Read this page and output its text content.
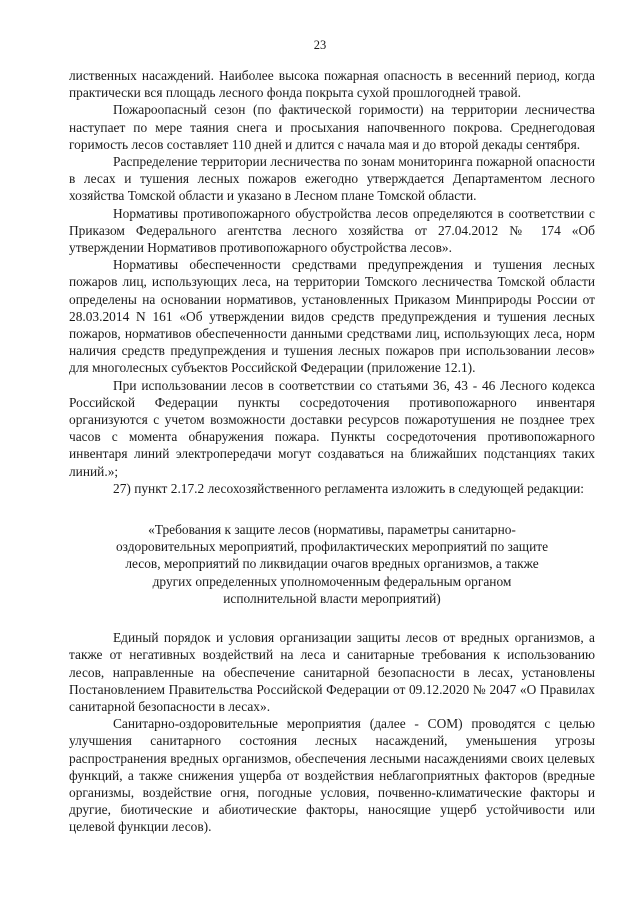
23

лиственных насаждений. Наиболее высока пожарная опасность в весенний период, когда практически вся площадь лесного фонда покрыта сухой прошлогодней травой.

Пожароопасный сезон (по фактической горимости) на территории лесничества наступает по мере таяния снега и просыхания напочвенного покрова. Среднегодовая горимость лесов составляет 110 дней и длится с начала мая и до второй декады сентября.

Распределение территории лесничества по зонам мониторинга пожарной опасности в лесах и тушения лесных пожаров ежегодно утверждается Департаментом лесного хозяйства Томской области и указано в Лесном плане Томской области.

Нормативы противопожарного обустройства лесов определяются в соответствии с Приказом Федерального агентства лесного хозяйства от 27.04.2012 № 174 «Об утверждении Нормативов противопожарного обустройства лесов».

Нормативы обеспеченности средствами предупреждения и тушения лесных пожаров лиц, использующих леса, на территории Томского лесничества Томской области определены на основании нормативов, установленных Приказом Минприроды России от 28.03.2014 N 161 «Об утверждении видов средств предупреждения и тушения лесных пожаров, нормативов обеспеченности данными средствами лиц, использующих леса, норм наличия средств предупреждения и тушения лесных пожаров при использовании лесов» для многолесных субъектов Российской Федерации (приложение 12.1).

При использовании лесов в соответствии со статьями 36, 43 - 46 Лесного кодекса Российской Федерации пункты сосредоточения противопожарного инвентаря организуются с учетом возможности доставки ресурсов пожаротушения не позднее трех часов с момента обнаружения пожара. Пункты сосредоточения противопожарного инвентаря линий электропередачи могут создаваться на ближайших подстанциях таких линий.»;

27) пункт 2.17.2 лесохозяйственного регламента изложить в следующей редакции:

«Требования к защите лесов (нормативы, параметры санитарно-оздоровительных мероприятий, профилактических мероприятий по защите лесов, мероприятий по ликвидации очагов вредных организмов, а также других определенных уполномоченным федеральным органом исполнительной власти мероприятий)

Единый порядок и условия организации защиты лесов от вредных организмов, а также от негативных воздействий на леса и санитарные требования к использованию лесов, направленные на обеспечение санитарной безопасности в лесах, установлены Постановлением Правительства Российской Федерации от 09.12.2020 № 2047 «О Правилах санитарной безопасности в лесах».

Санитарно-оздоровительные мероприятия (далее - СОМ) проводятся с целью улучшения санитарного состояния лесных насаждений, уменьшения угрозы распространения вредных организмов, обеспечения лесными насаждениями своих целевых функций, а также снижения ущерба от воздействия неблагоприятных факторов (вредные организмы, воздействие огня, погодные условия, почвенно-климатические факторы и другие, биотические и абиотические факторы, наносящие ущерб устойчивости или целевой функции лесов).
